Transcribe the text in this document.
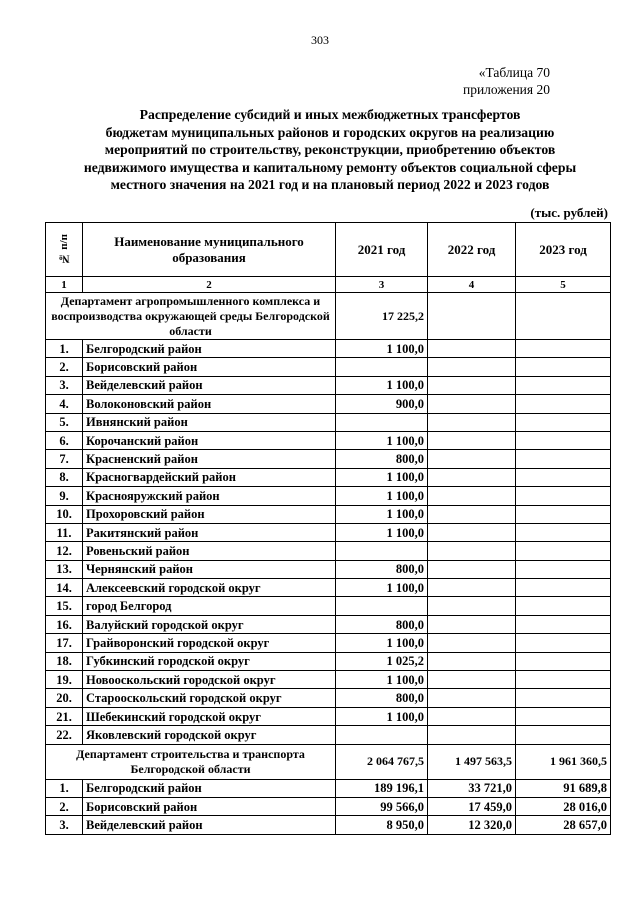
303
«Таблица 70
приложения 20
Распределение субсидий и иных межбюджетных трансфертов
бюджетам муниципальных районов и городских округов на реализацию
мероприятий по строительству, реконструкции, приобретению объектов
недвижимого имущества и капитальному ремонту объектов социальной сферы
местного значения на 2021 год и на плановый период 2022 и 2023 годов
(тыс. рублей)
№ п/п	Наименование муниципального образования	2021 год	2022 год	2023 год
1	2	3	4	5
Департамент агропромышленного комплекса и воспроизводства окружающей среды Белгородской области		17 225,2		
1.	Белгородский район	1 100,0		
2.	Борисовский район			
3.	Вейделевский район	1 100,0		
4.	Волоконовский район	900,0		
5.	Ивнянский район			
6.	Корочанский район	1 100,0		
7.	Красненский район	800,0		
8.	Красногвардейский район	1 100,0		
9.	Краснояружский район	1 100,0		
10.	Прохоровский район	1 100,0		
11.	Ракитянский район	1 100,0		
12.	Ровеньский район			
13.	Чернянский район	800,0		
14.	Алексеевский городской округ	1 100,0		
15.	город Белгород			
16.	Валуйский городской округ	800,0		
17.	Грайворонский городской округ	1 100,0		
18.	Губкинский городской округ	1 025,2		
19.	Новооскольский городской округ	1 100,0		
20.	Старооскольский городской округ	800,0		
21.	Шебекинский городской округ	1 100,0		
22.	Яковлевский городской округ			
Департамент строительства и транспорта Белгородской области		2 064 767,5	1 497 563,5	1 961 360,5
1.	Белгородский район	189 196,1	33 721,0	91 689,8
2.	Борисовский район	99 566,0	17 459,0	28 016,0
3.	Вейделевский район	8 950,0	12 320,0	28 657,0
